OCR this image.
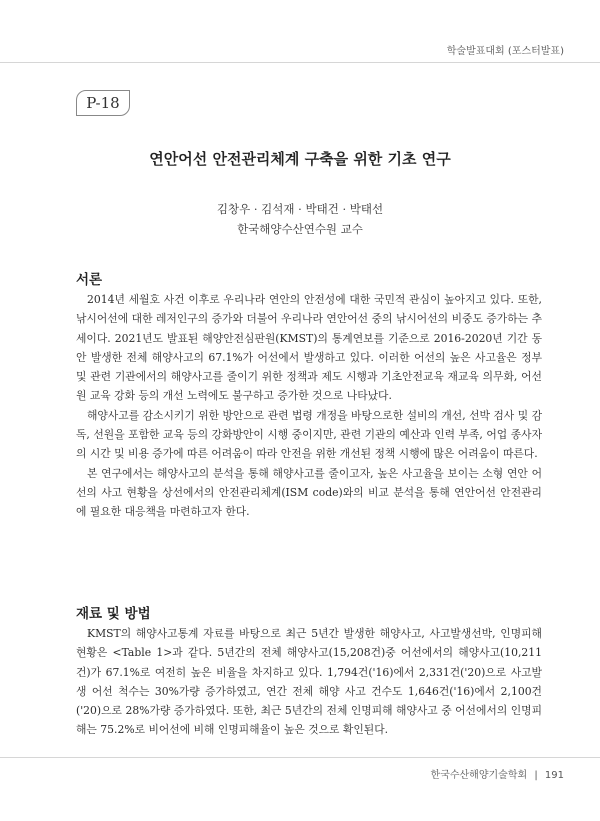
학술발표대회 (포스터발표)
P-18
연안어선 안전관리체계 구축을 위한 기초 연구
김창우 · 김석재 · 박태건 · 박태선
한국해양수산연수원 교수
서론

2014년 세월호 사건 이후로 우리나라 연안의 안전성에 대한 국민적 관심이 높아지고 있다. 또한, 낚시어선에 대한 레저인구의 증가와 더불어 우리나라 연안어선 중의 낚시어선의 비중도 증가하는 추세이다. 2021년도 발표된 해양안전심판원(KMST)의 통계연보를 기준으로 2016-2020년 기간 동안 발생한 전체 해양사고의 67.1%가 어선에서 발생하고 있다. 이러한 어선의 높은 사고율은 정부 및 관련 기관에서의 해양사고를 줄이기 위한 정책과 제도 시행과 기초안전교육 재교육 의무화, 어선원 교육 강화 등의 개선 노력에도 불구하고 증가한 것으로 나타났다.

해양사고를 감소시키기 위한 방안으로 관련 법령 개정을 바탕으로한 설비의 개선, 선박 검사 및 감독, 선원을 포함한 교육 등의 강화방안이 시행 중이지만, 관련 기관의 예산과 인력 부족, 어업 종사자의 시간 및 비용 증가에 따른 어려움이 따라 안전을 위한 개선된 정책 시행에 많은 어려움이 따른다.

본 연구에서는 해양사고의 분석을 통해 해양사고를 줄이고자, 높은 사고율을 보이는 소형 연안 어선의 사고 현황을 상선에서의 안전관리체계(ISM code)와의 비교 분석을 통해 연안어선 안전관리에 필요한 대응책을 마련하고자 한다.

재료 및 방법

KMST의 해양사고통계 자료를 바탕으로 최근 5년간 발생한 해양사고, 사고발생선박, 인명피해 현황은 <Table 1>과 같다. 5년간의 전체 해양사고(15,208건)중 어선에서의 해양사고(10,211건)가 67.1%로 여전히 높은 비율을 차지하고 있다. 1,794건('16)에서 2,331건('20)으로 사고발생 어선 척수는 30%가량 증가하였고, 연간 전체 해양 사고 건수도 1,646건('16)에서 2,100건('20)으로 28%가량 증가하였다. 또한, 최근 5년간의 전체 인명피해 해양사고 중 어선에서의 인명피해는 75.2%로 비어선에 비해 인명피해율이 높은 것으로 확인된다.

한국수산해양기술학회 | 191
